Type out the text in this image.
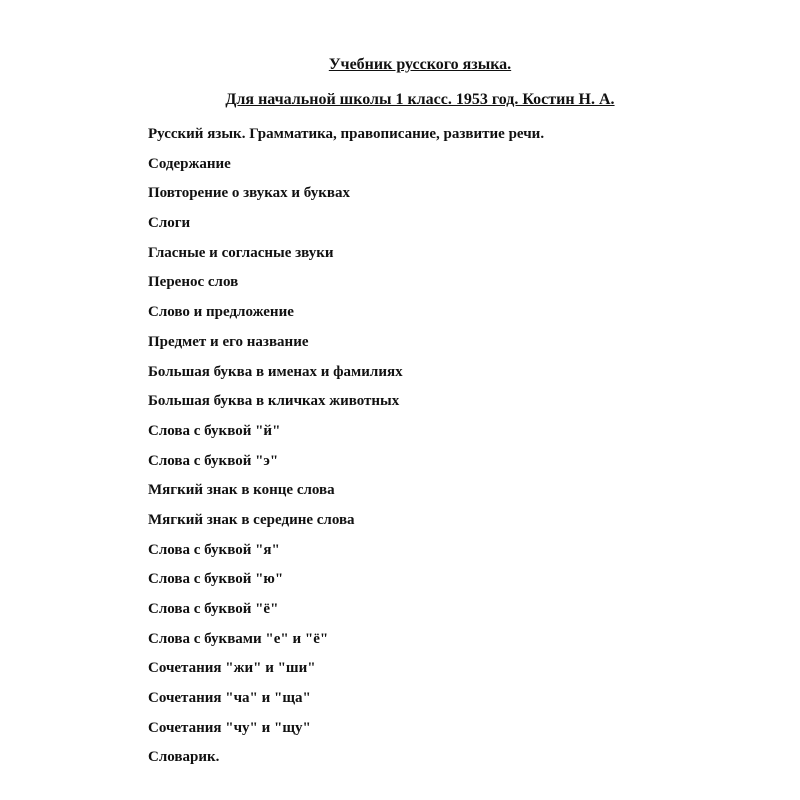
Учебник русского языка.
Для начальной школы 1 класс. 1953 год. Костин Н. А.
Русский язык. Грамматика, правописание, развитие речи.
Содержание
Повторение о звуках и буквах
Слоги
Гласные и согласные звуки
Перенос слов
Слово и предложение
Предмет и его название
Большая буква в именах и фамилиях
Большая буква в кличках животных
Слова с буквой "й"
Слова с буквой "э"
Мягкий знак в конце слова
Мягкий знак в середине слова
Слова с буквой "я"
Слова с буквой "ю"
Слова с буквой "ё"
Слова с буквами "е" и "ё"
Сочетания "жи" и "ши"
Сочетания "ча" и "ща"
Сочетания "чу" и "щу"
Словарик.
